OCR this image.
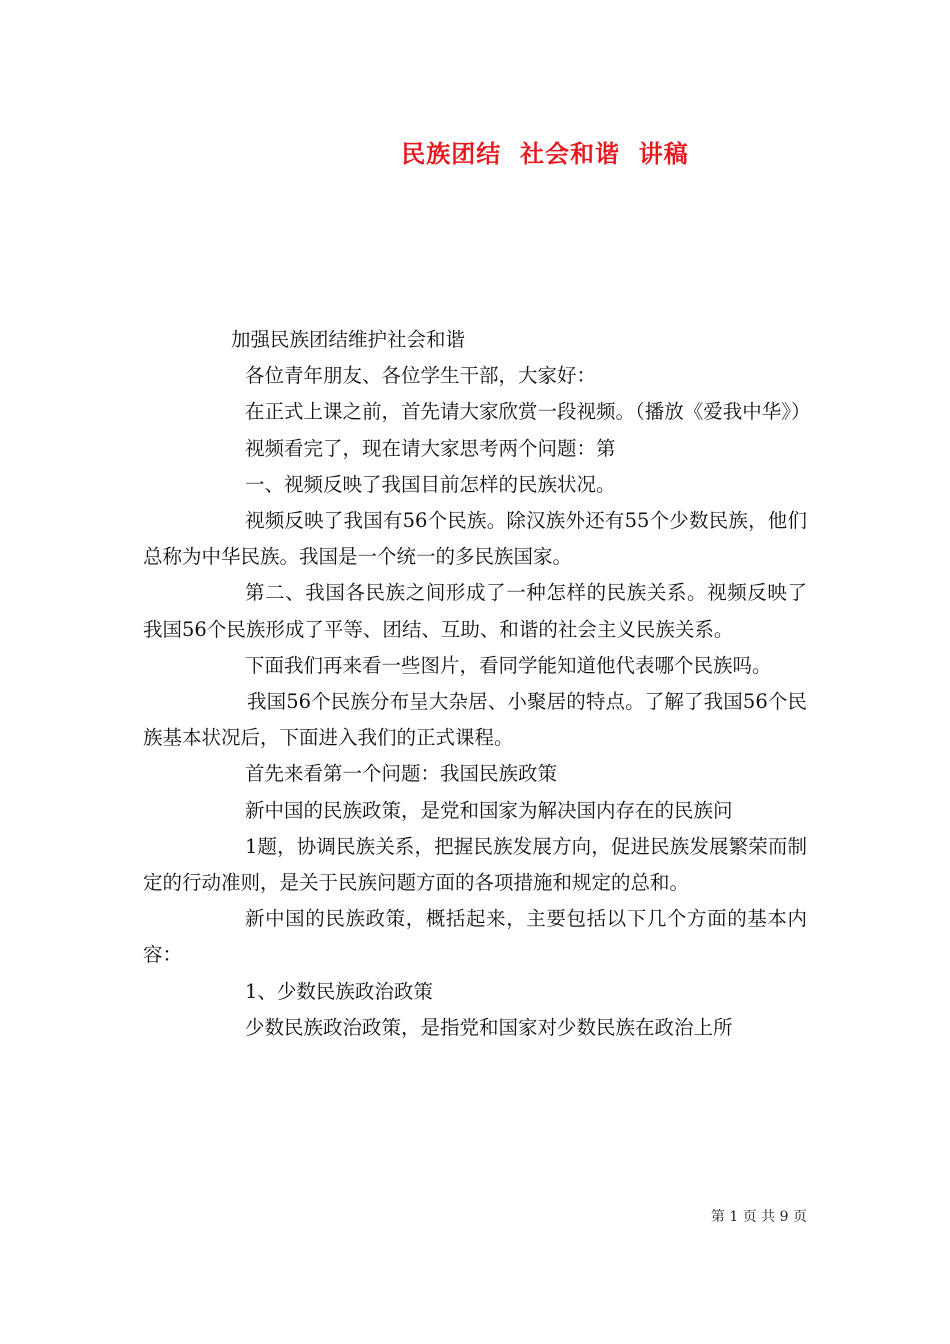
民族团结  社会和谐  讲稿

加强民族团结维护社会和谐

各位青年朋友、各位学生干部，大家好：

在正式上课之前，首先请大家欣赏一段视频。（播放《爱我中华》）

视频看完了，现在请大家思考两个问题：第

一、视频反映了我国目前怎样的民族状况。

视频反映了我国有56个民族。除汉族外还有55个少数民族，他们总称为中华民族。我国是一个统一的多民族国家。

第二、我国各民族之间形成了一种怎样的民族关系。视频反映了我国56个民族形成了平等、团结、互助、和谐的社会主义民族关系。

下面我们再来看一些图片，看同学能知道他代表哪个民族吗。

我国56个民族分布呈大杂居、小聚居的特点。了解了我国56个民族基本状况后，下面进入我们的正式课程。

首先来看第一个问题：我国民族政策

新中国的民族政策，是党和国家为解决国内存在的民族问

1题，协调民族关系，把握民族发展方向，促进民族发展繁荣而制定的行动准则，是关于民族问题方面的各项措施和规定的总和。

新中国的民族政策，概括起来，主要包括以下几个方面的基本内容：

1、少数民族政治政策

少数民族政治政策，是指党和国家对少数民族在政治上所

第 1 页 共 9 页
